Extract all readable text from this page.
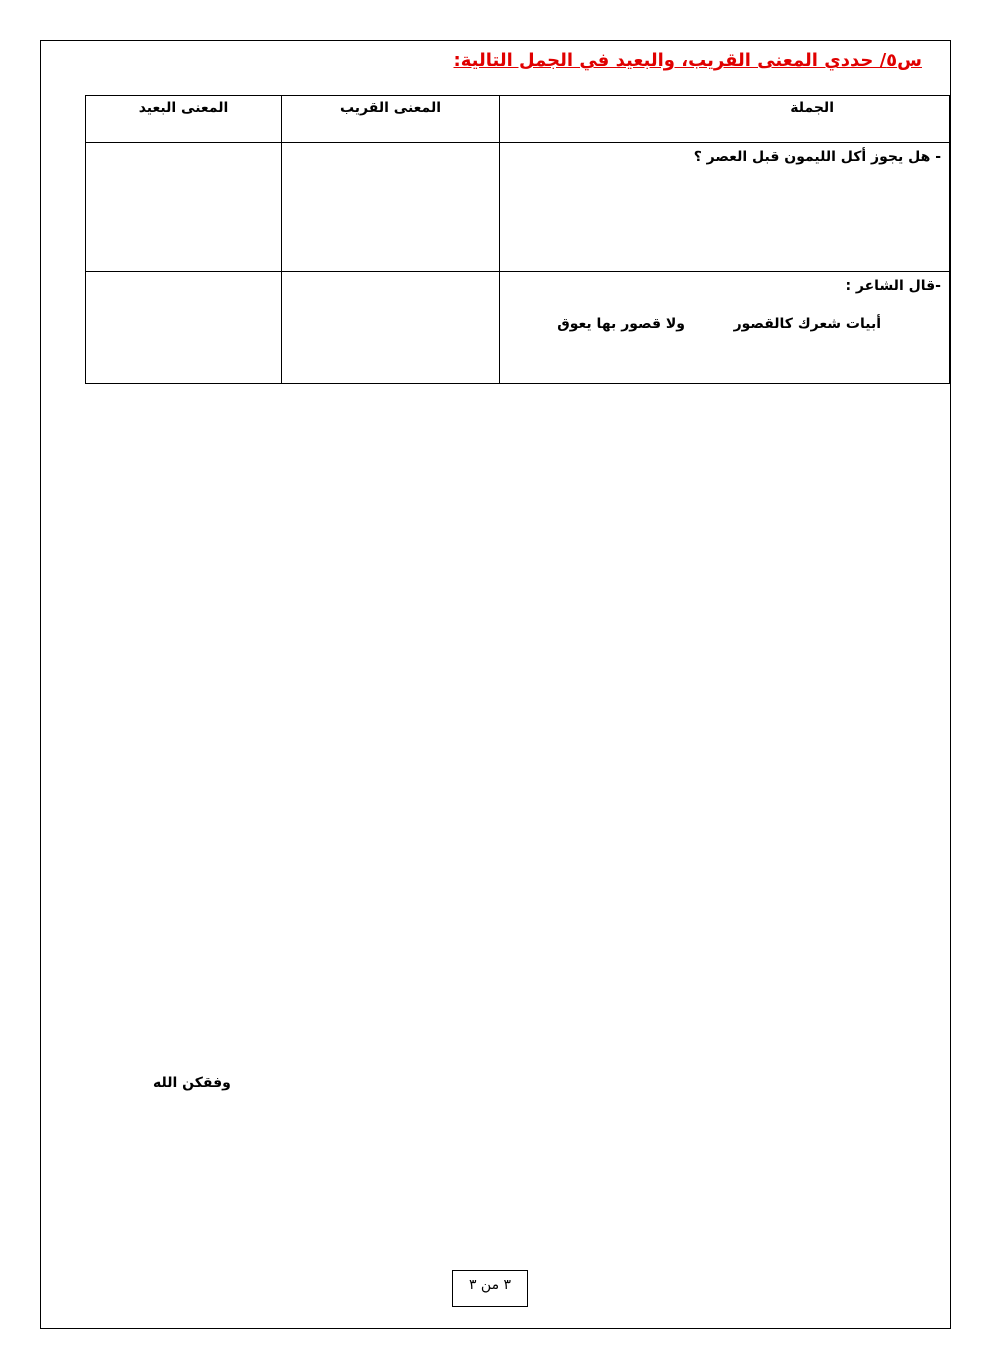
س٥/ حددي المعنى القريب، والبعيد في الجمل التالية:
الجملة	المعنى القريب	المعنى البعيد

- هل يجوز أكل الليمون قبل العصر ؟		

-قال الشاعر :
أبيات شعرك كالقصور
ولا قصور بها يعوق		

وفقكن الله
٣ من ٣
